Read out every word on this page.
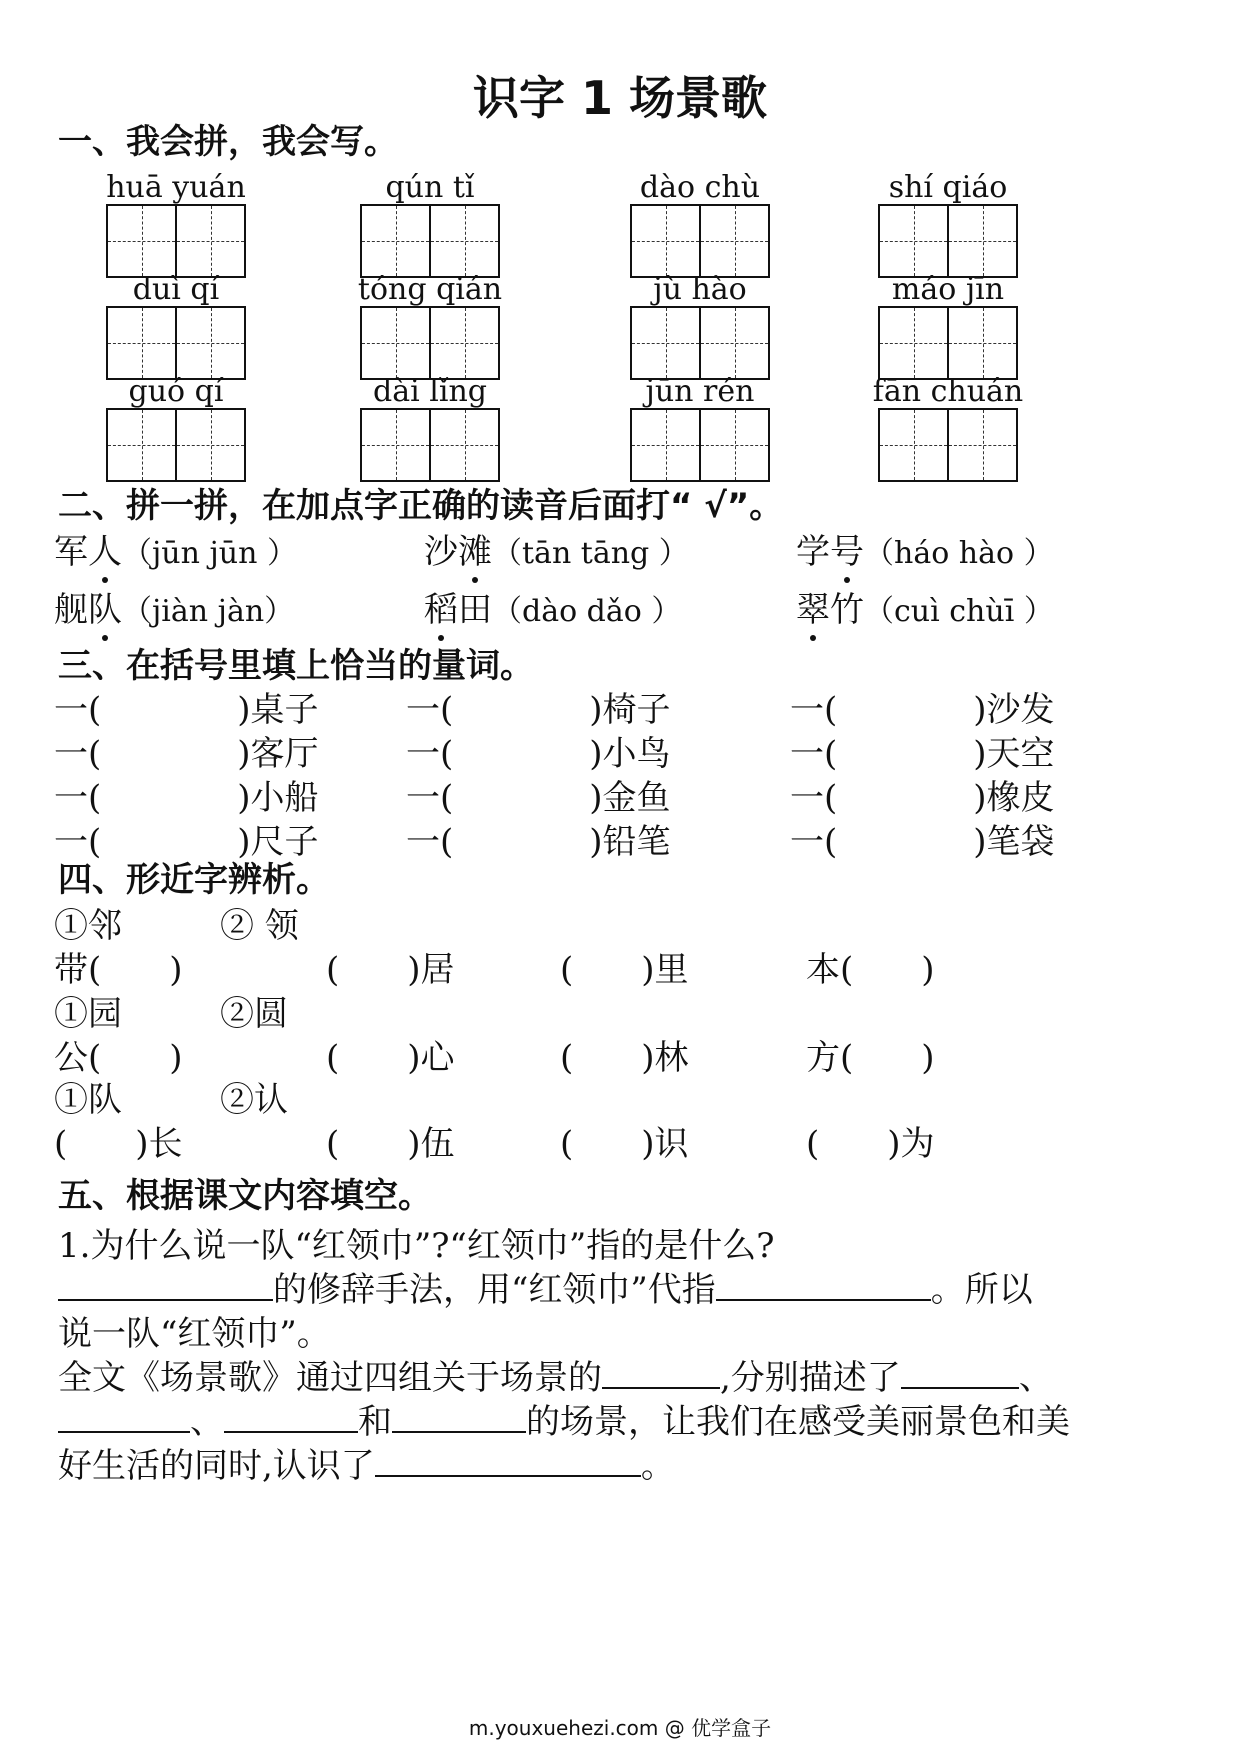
识字 1 场景歌
一、我会拼，我会写。
huā yuán	qún tǐ	dào chù	shí qiáo
duì qí	tóng qián	jù hào	máo jīn
guó qí	dài lǐng	jūn rén	fān chuán
二、拼一拼，在加点字正确的读音后面打“ √”。
军人（jūn jūn ）	沙滩（tān tāng ）	学号（háo hào ）
舰队（jiàn jàn）	稻田（dào dǎo ）	翠竹（cuì chùī ）
三、在括号里填上恰当的量词。
一(　　　　)桌子	一(　　　　)椅子	一(　　　　)沙发
一(　　　　)客厅	一(　　　　)小鸟	一(　　　　)天空
一(　　　　)小船	一(　　　　)金鱼	一(　　　　)橡皮
一(　　　　)尺子	一(　　　　)铅笔	一(　　　　)笔袋
四、形近字辨析。
①邻	② 领
带(　　)	(　　)居	(　　)里	本(　　)
①园	②圆
公(　　)	(　　)心	(　　)林	方(　　)
①队	②认
(　　)长	(　　)伍	(　　)识	(　　)为
五、根据课文内容填空。
1.为什么说一队“红领巾”?“红领巾”指的是什么?
的修辞手法，用“红领巾”代指	。所以
说一队“红领巾”。
全文《场景歌》通过四组关于场景的	,分别描述了	、
、	和	的场景，让我们在感受美丽景色和美
好生活的同时,认识了	。
m.youxuehezi.com @ 优学盒子
